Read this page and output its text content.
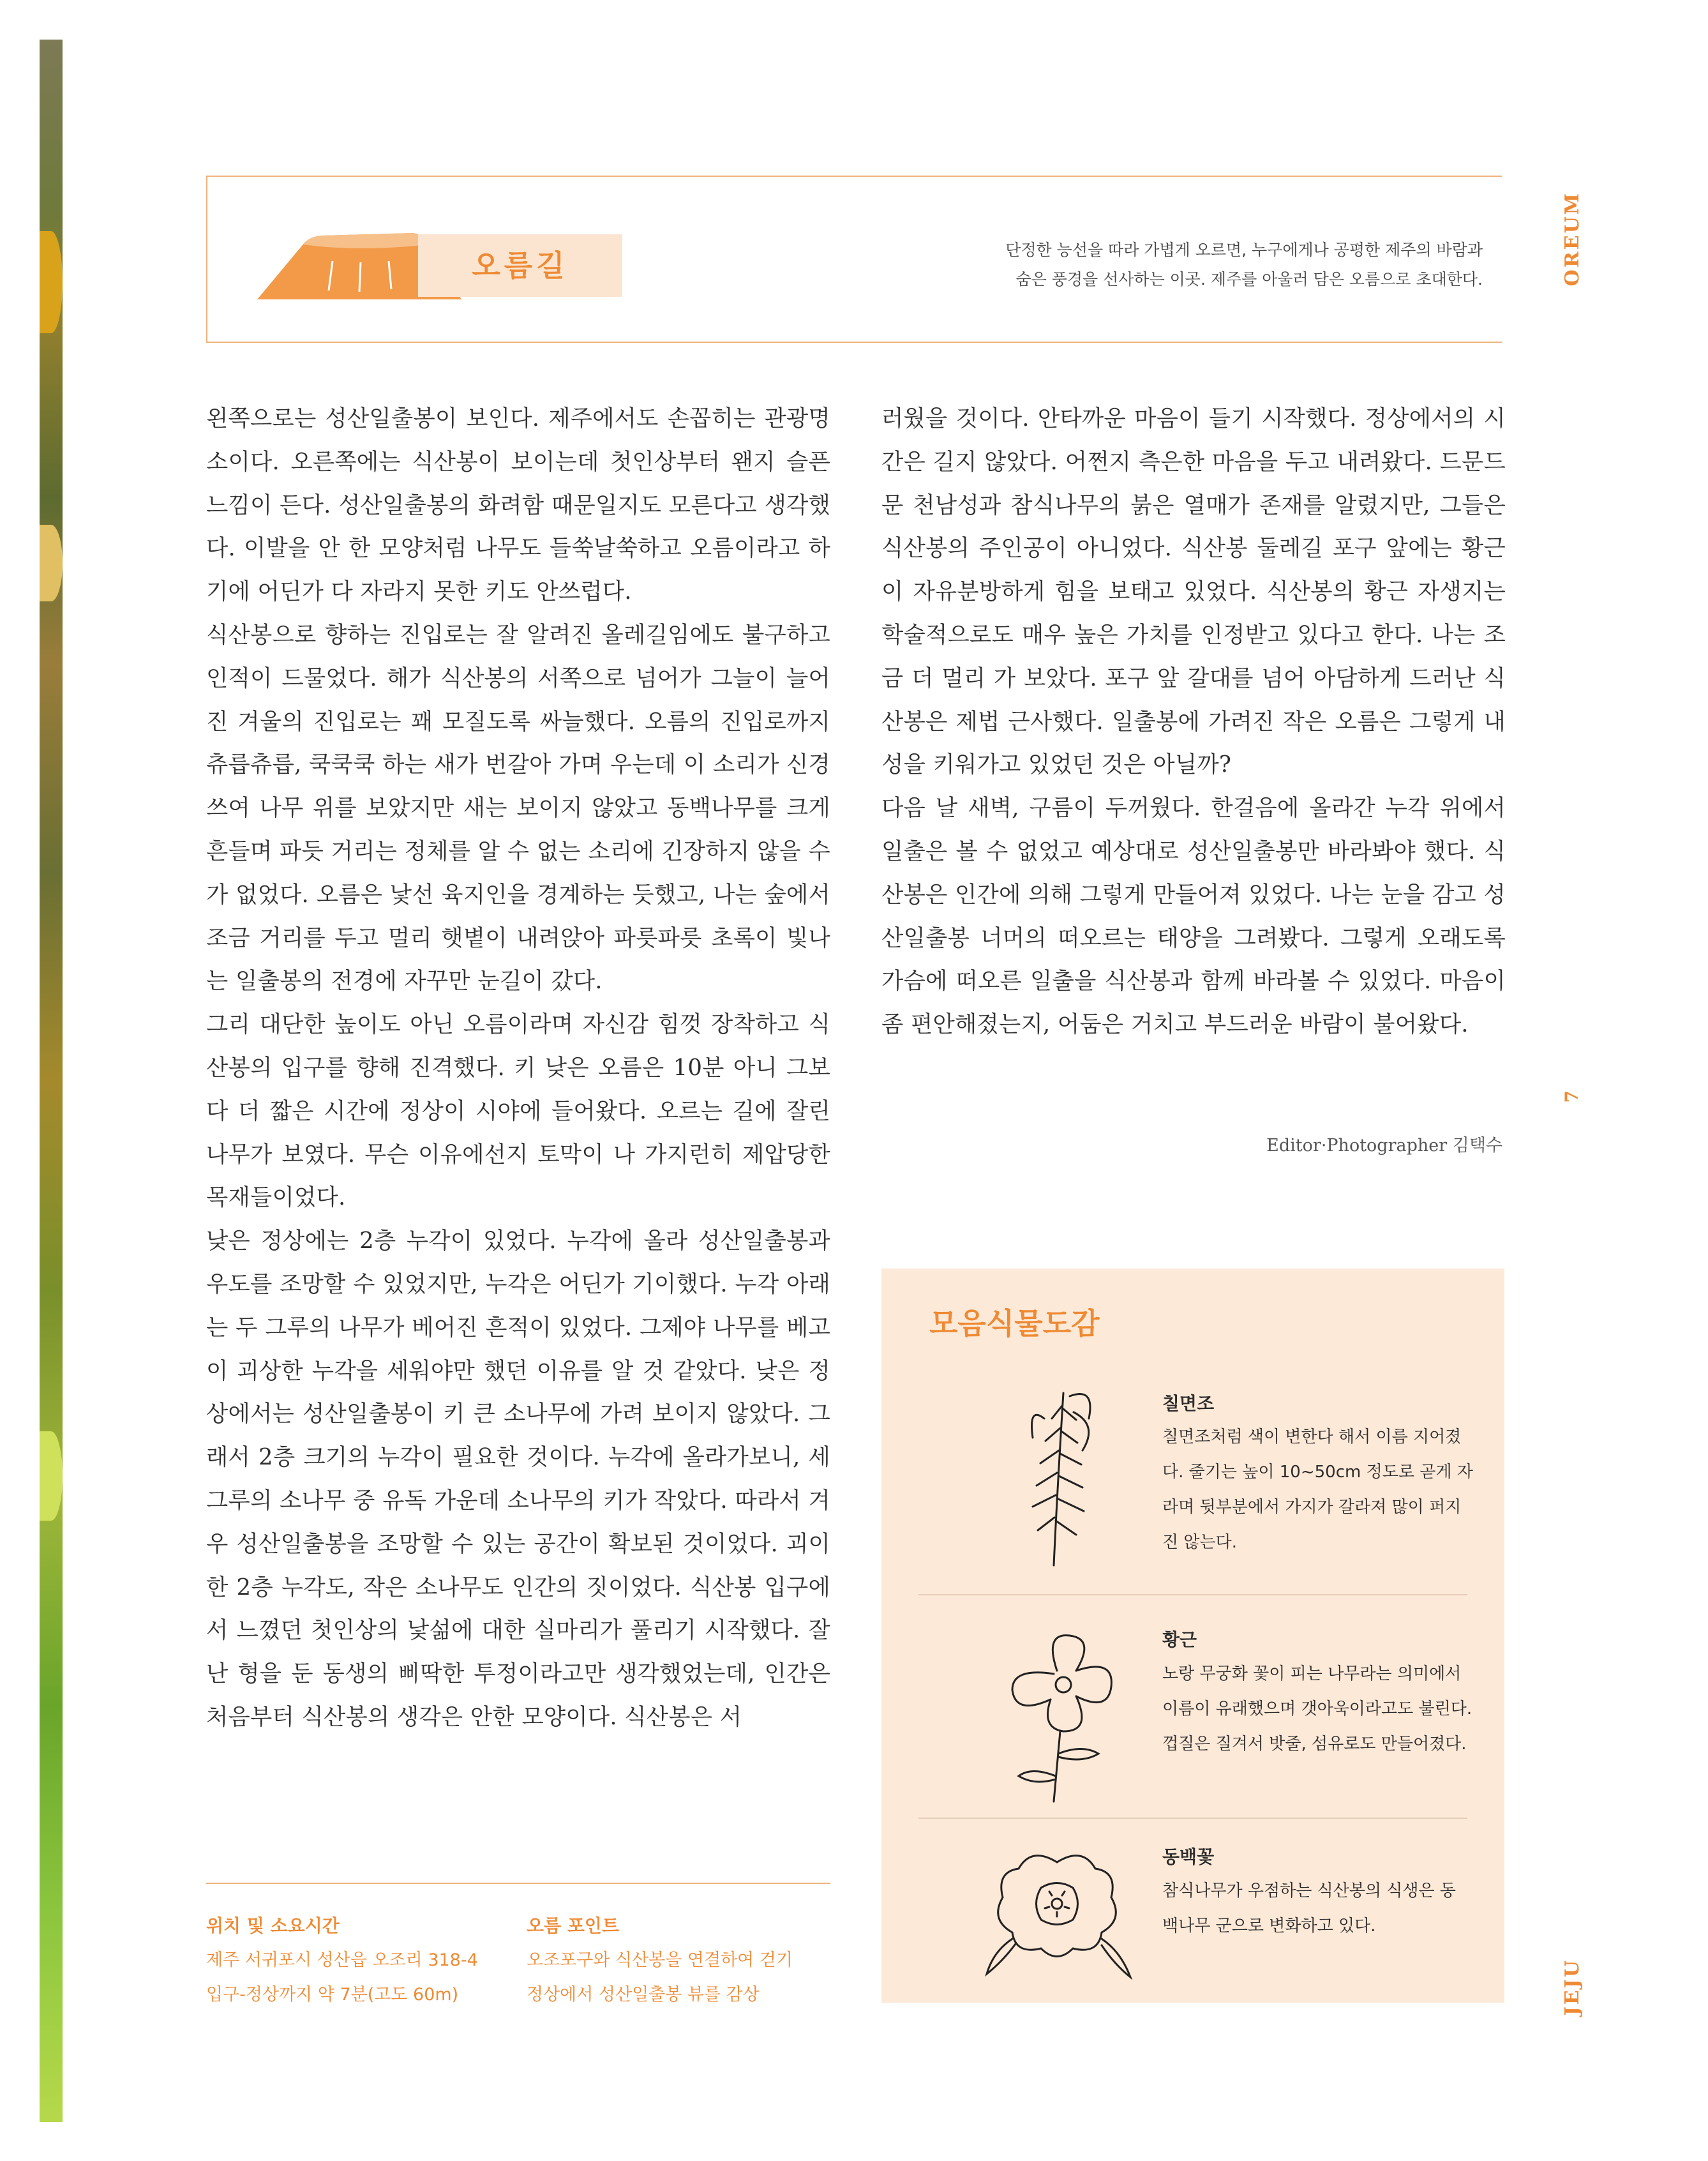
오름길	단정한 능선을 따라 가볍게 오르면, 누구에게나 공평한 제주의 바람과
숨은 풍경을 선사하는 이곳. 제주를 아울러 담은 오름으로 초대한다.	OREUM
7
JEJU

왼쪽으로는 성산일출봉이 보인다. 제주에서도 손꼽히는 관광명소이다. 오른쪽에는 식산봉이 보이는데 첫인상부터 왠지 슬픈 느낌이 든다. 성산일출봉의 화려함 때문일지도 모른다고 생각했다. 이발을 안 한 모양처럼 나무도 들쑥날쑥하고 오름이라고 하기에 어딘가 다 자라지 못한 키도 안쓰럽다.

식산봉으로 향하는 진입로는 잘 알려진 올레길임에도 불구하고 인적이 드물었다. 해가 식산봉의 서쪽으로 넘어가 그늘이 늘어진 겨울의 진입로는 꽤 모질도록 싸늘했다. 오름의 진입로까지 츄릅츄릅, 쿡쿡쿡 하는 새가 번갈아 가며 우는데 이 소리가 신경 쓰여 나무 위를 보았지만 새는 보이지 않았고 동백나무를 크게 흔들며 파듯 거리는 정체를 알 수 없는 소리에 긴장하지 않을 수가 없었다. 오름은 낯선 육지인을 경계하는 듯했고, 나는 숲에서 조금 거리를 두고 멀리 햇볕이 내려앉아 파릇파릇 초록이 빛나는 일출봉의 전경에 자꾸만 눈길이 갔다.

그리 대단한 높이도 아닌 오름이라며 자신감 힘껏 장착하고 식산봉의 입구를 향해 진격했다. 키 낮은 오름은 10분 아니 그보다 더 짧은 시간에 정상이 시야에 들어왔다. 오르는 길에 잘린 나무가 보였다. 무슨 이유에선지 토막이 나 가지런히 제압당한 목재들이었다.

낮은 정상에는 2층 누각이 있었다. 누각에 올라 성산일출봉과 우도를 조망할 수 있었지만, 누각은 어딘가 기이했다. 누각 아래는 두 그루의 나무가 베어진 흔적이 있었다. 그제야 나무를 베고 이 괴상한 누각을 세워야만 했던 이유를 알 것 같았다. 낮은 정상에서는 성산일출봉이 키 큰 소나무에 가려 보이지 않았다. 그래서 2층 크기의 누각이 필요한 것이다. 누각에 올라가보니, 세 그루의 소나무 중 유독 가운데 소나무의 키가 작았다. 따라서 겨우 성산일출봉을 조망할 수 있는 공간이 확보된 것이었다. 괴이한 2층 누각도, 작은 소나무도 인간의 짓이었다. 식산봉 입구에서 느꼈던 첫인상의 낯섦에 대한 실마리가 풀리기 시작했다. 잘난 형을 둔 동생의 삐딱한 투정이라고만 생각했었는데, 인간은 처음부터 식산봉의 생각은 안한 모양이다. 식산봉은 서

러웠을 것이다. 안타까운 마음이 들기 시작했다. 정상에서의 시간은 길지 않았다. 어쩐지 측은한 마음을 두고 내려왔다. 드문드문 천남성과 참식나무의 붉은 열매가 존재를 알렸지만, 그들은 식산봉의 주인공이 아니었다. 식산봉 둘레길 포구 앞에는 황근이 자유분방하게 힘을 보태고 있었다. 식산봉의 황근 자생지는 학술적으로도 매우 높은 가치를 인정받고 있다고 한다. 나는 조금 더 멀리 가 보았다. 포구 앞 갈대를 넘어 아담하게 드러난 식산봉은 제법 근사했다. 일출봉에 가려진 작은 오름은 그렇게 내성을 키워가고 있었던 것은 아닐까?

다음 날 새벽, 구름이 두꺼웠다. 한걸음에 올라간 누각 위에서 일출은 볼 수 없었고 예상대로 성산일출봉만 바라봐야 했다. 식산봉은 인간에 의해 그렇게 만들어져 있었다. 나는 눈을 감고 성산일출봉 너머의 떠오르는 태양을 그려봤다. 그렇게 오래도록 가슴에 떠오른 일출을 식산봉과 함께 바라볼 수 있었다. 마음이 좀 편안해졌는지, 어둠은 거치고 부드러운 바람이 불어왔다.

Editor·Photographer 김택수
위치 및 소요시간
제주 서귀포시 성산읍 오조리 318-4
입구-정상까지 약 7분(고도 60m)
오름 포인트
오조포구와 식산봉을 연결하여 걷기
정상에서 성산일출봉 뷰를 감상
모음식물도감
칠면조
칠면조처럼 색이 변한다 해서 이름 지어졌
다. 줄기는 높이 10~50cm 정도로 곧게 자
라며 뒷부분에서 가지가 갈라져 많이 퍼지
진 않는다.
황근
노랑 무궁화 꽃이 피는 나무라는 의미에서
이름이 유래했으며 갯아욱이라고도 불린다.
껍질은 질겨서 밧줄, 섬유로도 만들어졌다.
동백꽃
참식나무가 우점하는 식산봉의 식생은 동
백나무 군으로 변화하고 있다.
